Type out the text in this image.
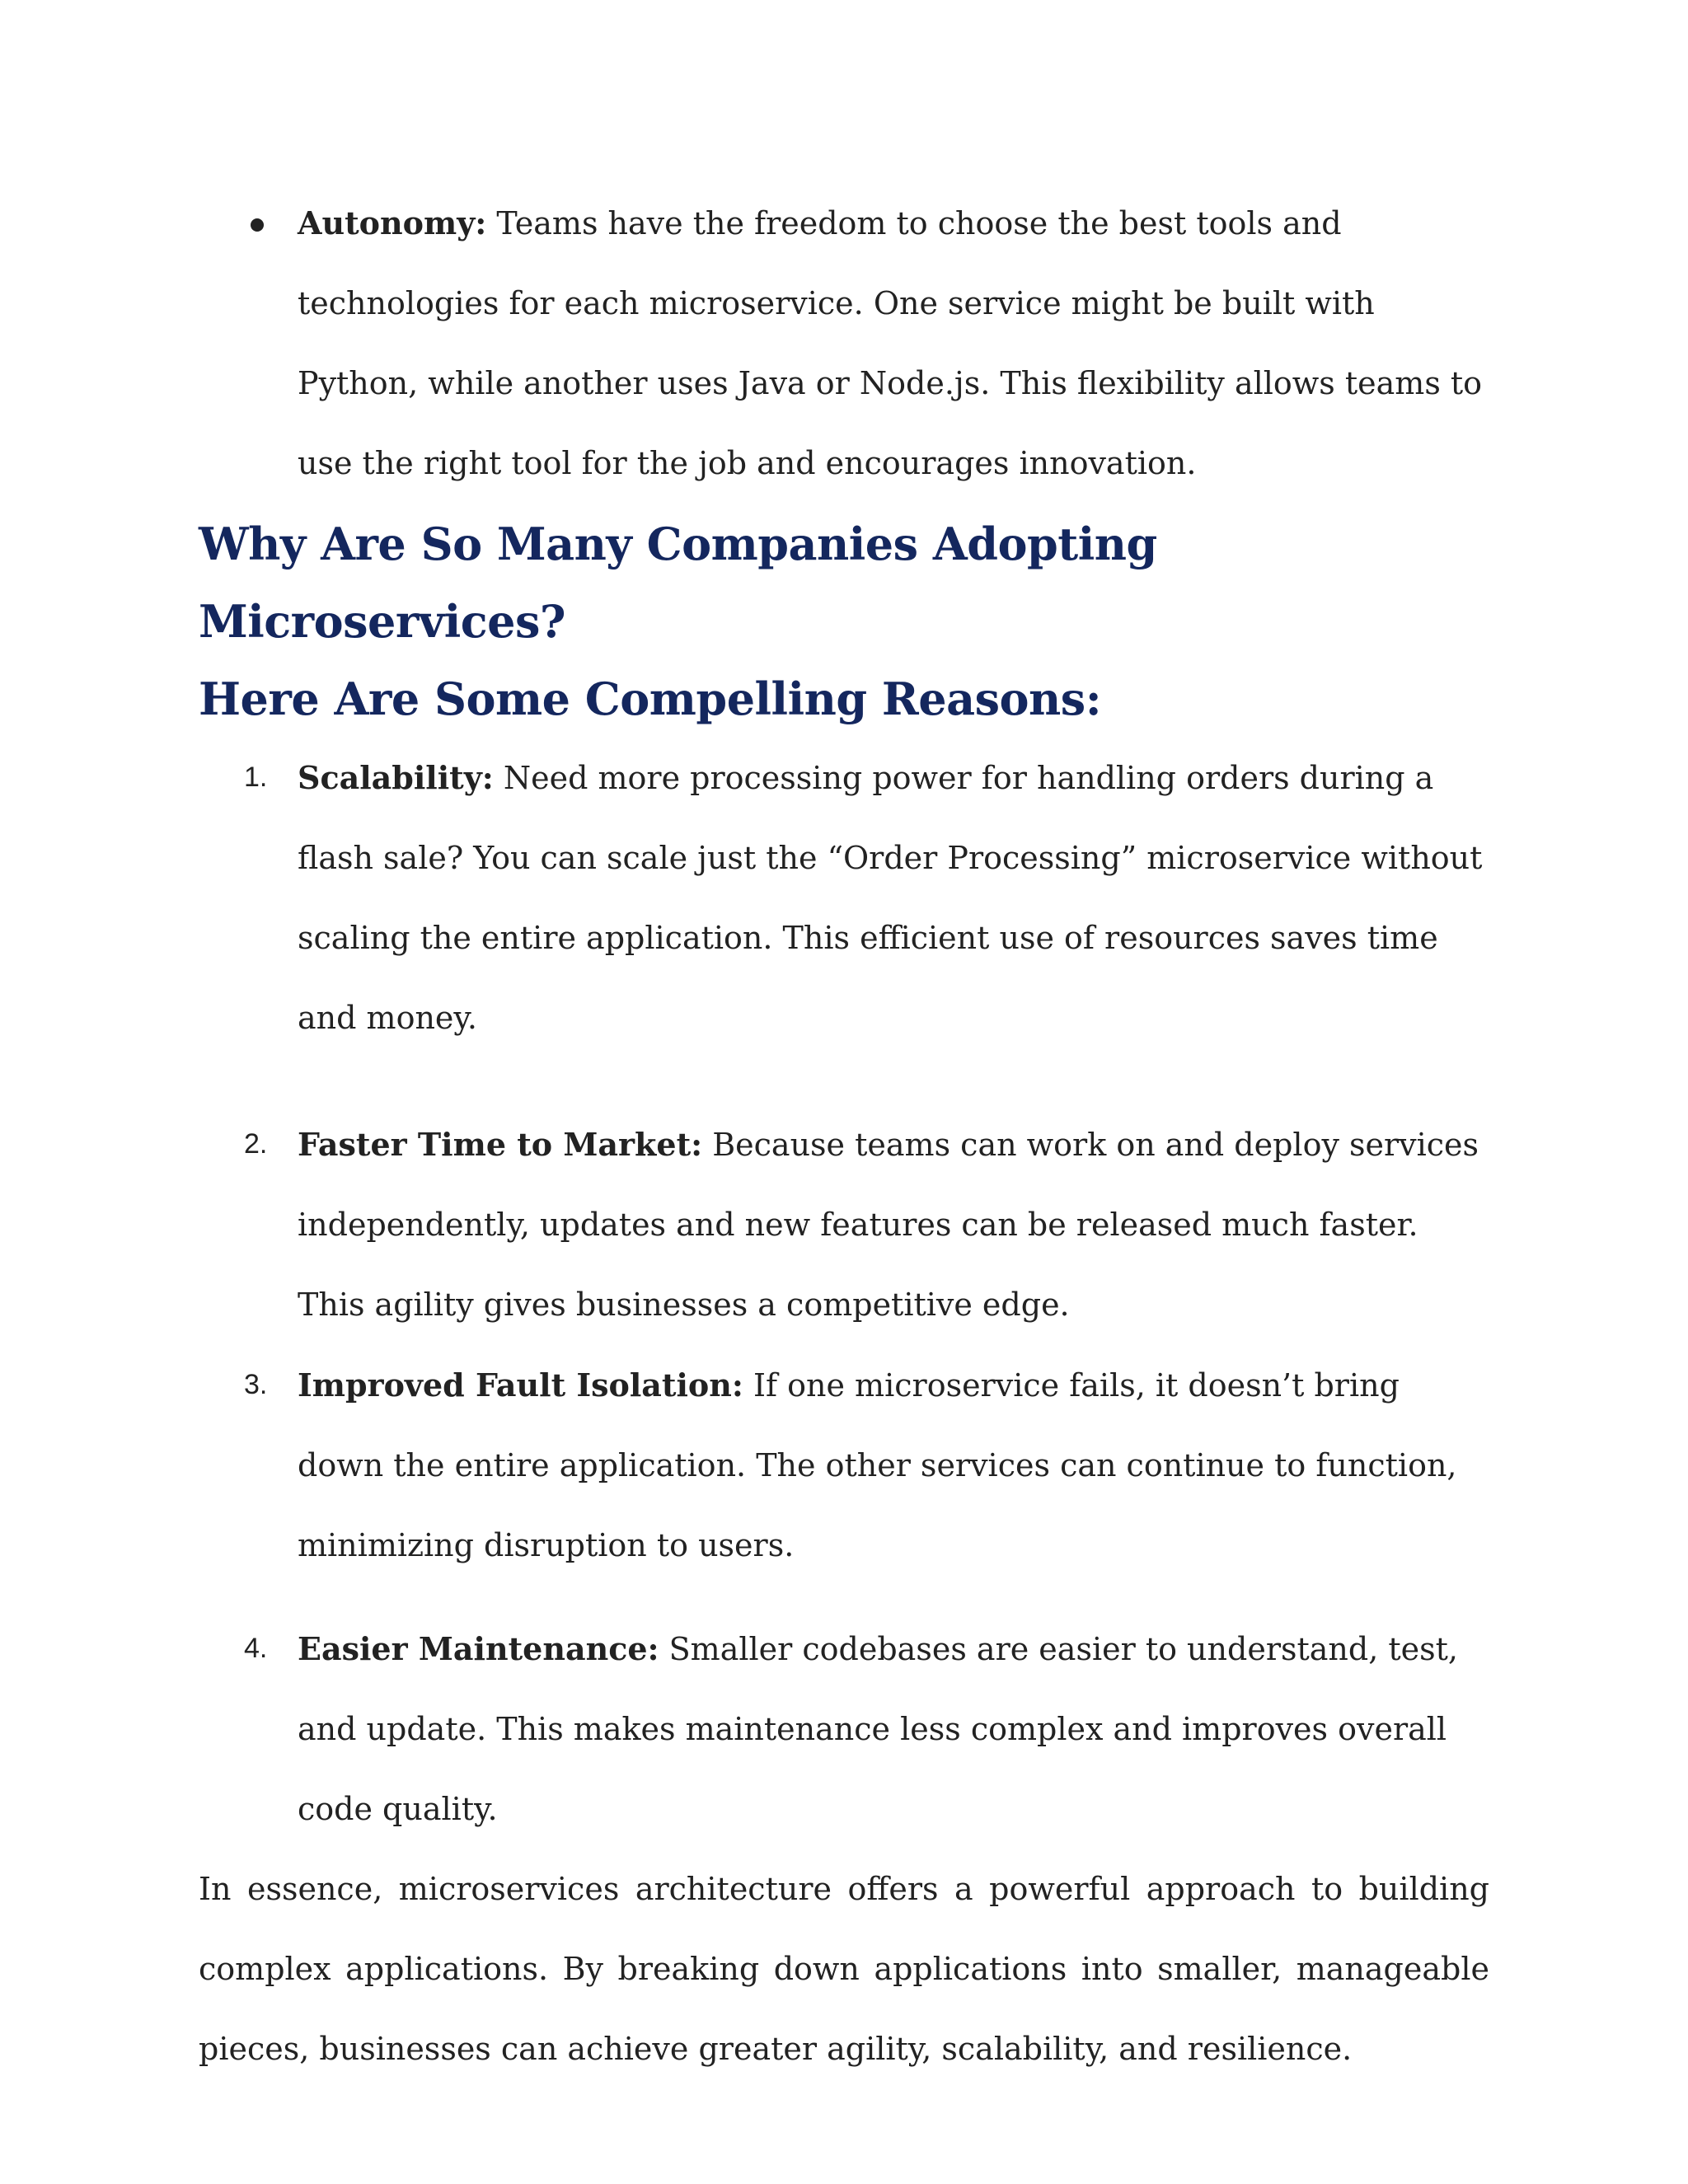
Autonomy: Teams have the freedom to choose the best tools and technologies for each microservice. One service might be built with Python, while another uses Java or Node.js. This flexibility allows teams to use the right tool for the job and encourages innovation.
Why Are So Many Companies Adopting Microservices?
Here Are Some Compelling Reasons:
1. Scalability: Need more processing power for handling orders during a flash sale? You can scale just the “Order Processing” microservice without scaling the entire application. This efficient use of resources saves time and money.
2. Faster Time to Market: Because teams can work on and deploy services independently, updates and new features can be released much faster. This agility gives businesses a competitive edge.
3. Improved Fault Isolation: If one microservice fails, it doesn’t bring down the entire application. The other services can continue to function, minimizing disruption to users.
4. Easier Maintenance: Smaller codebases are easier to understand, test, and update. This makes maintenance less complex and improves overall code quality.

In essence, microservices architecture offers a powerful approach to building complex applications. By breaking down applications into smaller, manageable pieces, businesses can achieve greater agility, scalability, and resilience.
